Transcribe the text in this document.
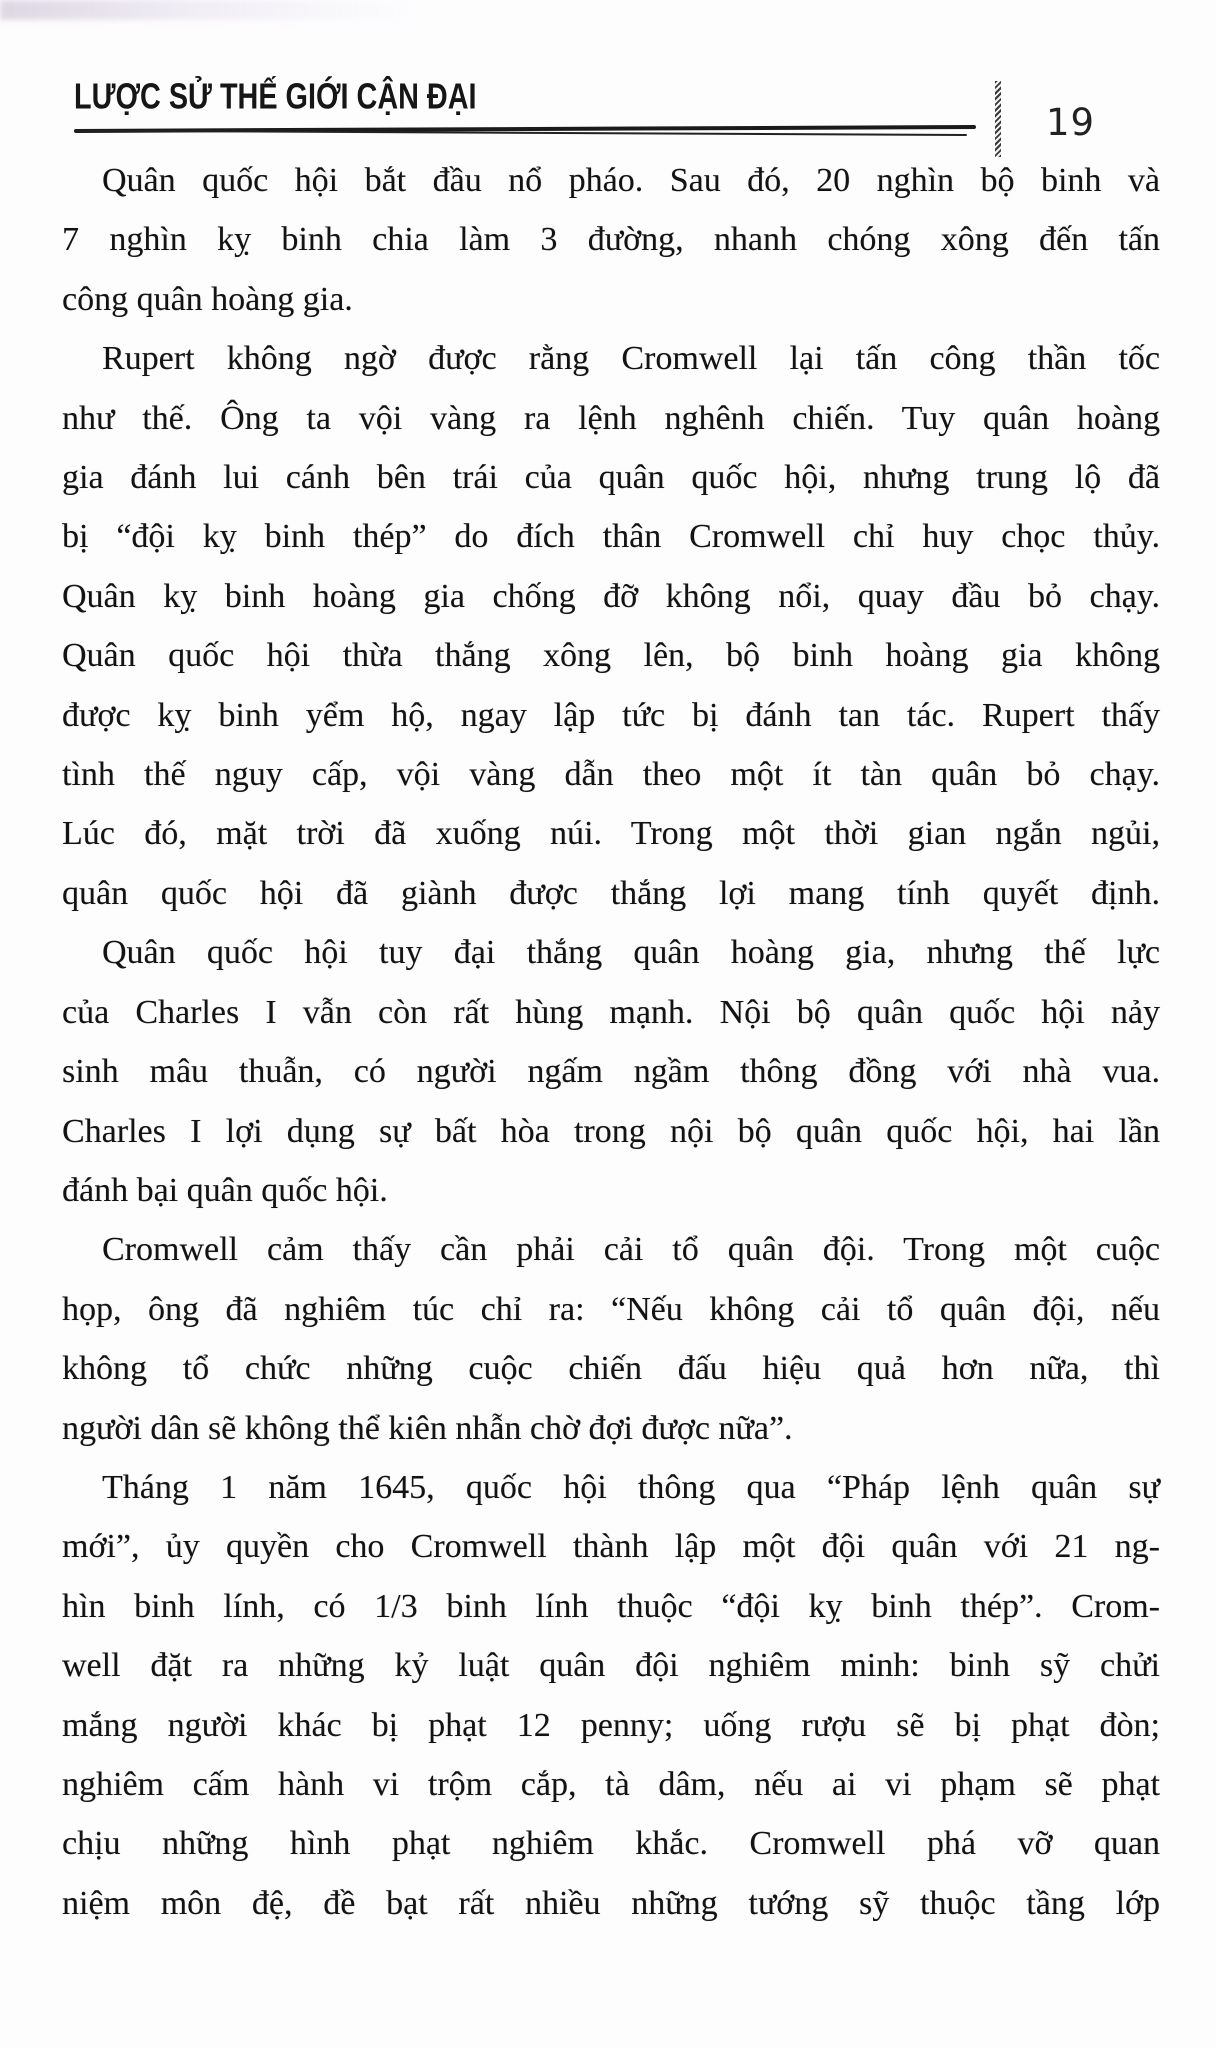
LƯỢC SỬ THẾ GIỚI CẬN ĐẠI
19
Quân quốc hội bắt đầu nổ pháo. Sau đó, 20 nghìn bộ binh và
7 nghìn kỵ binh chia làm 3 đường, nhanh chóng xông đến tấn
công quân hoàng gia.
Rupert không ngờ được rằng Cromwell lại tấn công thần tốc
như thế. Ông ta vội vàng ra lệnh nghênh chiến. Tuy quân hoàng
gia đánh lui cánh bên trái của quân quốc hội, nhưng trung lộ đã
bị “đội kỵ binh thép” do đích thân Cromwell chỉ huy chọc thủy.
Quân kỵ binh hoàng gia chống đỡ không nổi, quay đầu bỏ chạy.
Quân quốc hội thừa thắng xông lên, bộ binh hoàng gia không
được kỵ binh yểm hộ, ngay lập tức bị đánh tan tác. Rupert thấy
tình thế nguy cấp, vội vàng dẫn theo một ít tàn quân bỏ chạy.
Lúc đó, mặt trời đã xuống núi. Trong một thời gian ngắn ngủi,
quân quốc hội đã giành được thắng lợi mang tính quyết định.
Quân quốc hội tuy đại thắng quân hoàng gia, nhưng thế lực
của Charles I vẫn còn rất hùng mạnh. Nội bộ quân quốc hội nảy
sinh mâu thuẫn, có người ngấm ngầm thông đồng với nhà vua.
Charles I lợi dụng sự bất hòa trong nội bộ quân quốc hội, hai lần
đánh bại quân quốc hội.
Cromwell cảm thấy cần phải cải tổ quân đội. Trong một cuộc
họp, ông đã nghiêm túc chỉ ra: “Nếu không cải tổ quân đội, nếu
không tổ chức những cuộc chiến đấu hiệu quả hơn nữa, thì
người dân sẽ không thể kiên nhẫn chờ đợi được nữa”.
Tháng 1 năm 1645, quốc hội thông qua “Pháp lệnh quân sự
mới”, ủy quyền cho Cromwell thành lập một đội quân với 21 ng-
hìn binh lính, có 1/3 binh lính thuộc “đội kỵ binh thép”. Crom-
well đặt ra những kỷ luật quân đội nghiêm minh: binh sỹ chửi
mắng người khác bị phạt 12 penny; uống rượu sẽ bị phạt đòn;
nghiêm cấm hành vi trộm cắp, tà dâm, nếu ai vi phạm sẽ phạt
chịu những hình phạt nghiêm khắc. Cromwell phá vỡ quan
niệm môn đệ, đề bạt rất nhiều những tướng sỹ thuộc tầng lớp
